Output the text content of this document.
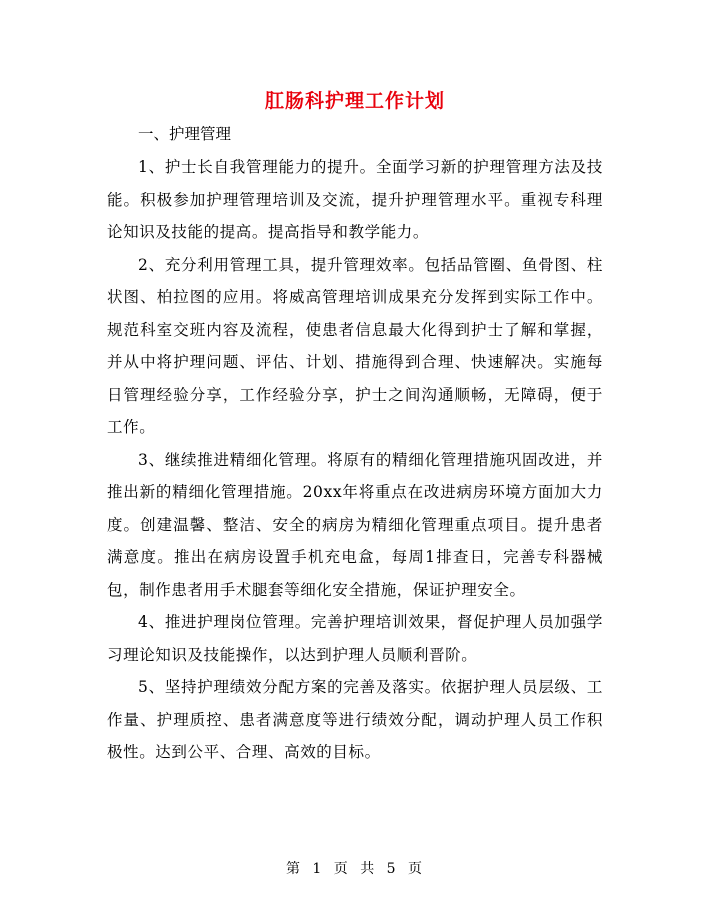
肛肠科护理工作计划
一、护理管理

1、护士长自我管理能力的提升。全面学习新的护理管理方法及技能。积极参加护理管理培训及交流，提升护理管理水平。重视专科理论知识及技能的提高。提高指导和教学能力。

2、充分利用管理工具，提升管理效率。包括品管圈、鱼骨图、柱状图、柏拉图的应用。将威高管理培训成果充分发挥到实际工作中。规范科室交班内容及流程，使患者信息最大化得到护士了解和掌握，并从中将护理问题、评估、计划、措施得到合理、快速解决。实施每日管理经验分享，工作经验分享，护士之间沟通顺畅，无障碍，便于工作。

3、继续推进精细化管理。将原有的精细化管理措施巩固改进，并推出新的精细化管理措施。20xx年将重点在改进病房环境方面加大力度。创建温馨、整洁、安全的病房为精细化管理重点项目。提升患者满意度。推出在病房设置手机充电盒，每周1排查日，完善专科器械包，制作患者用手术腿套等细化安全措施，保证护理安全。

4、推进护理岗位管理。完善护理培训效果，督促护理人员加强学习理论知识及技能操作，以达到护理人员顺利晋阶。

5、坚持护理绩效分配方案的完善及落实。依据护理人员层级、工作量、护理质控、患者满意度等进行绩效分配，调动护理人员工作积极性。达到公平、合理、高效的目标。

第 1 页 共 5 页
